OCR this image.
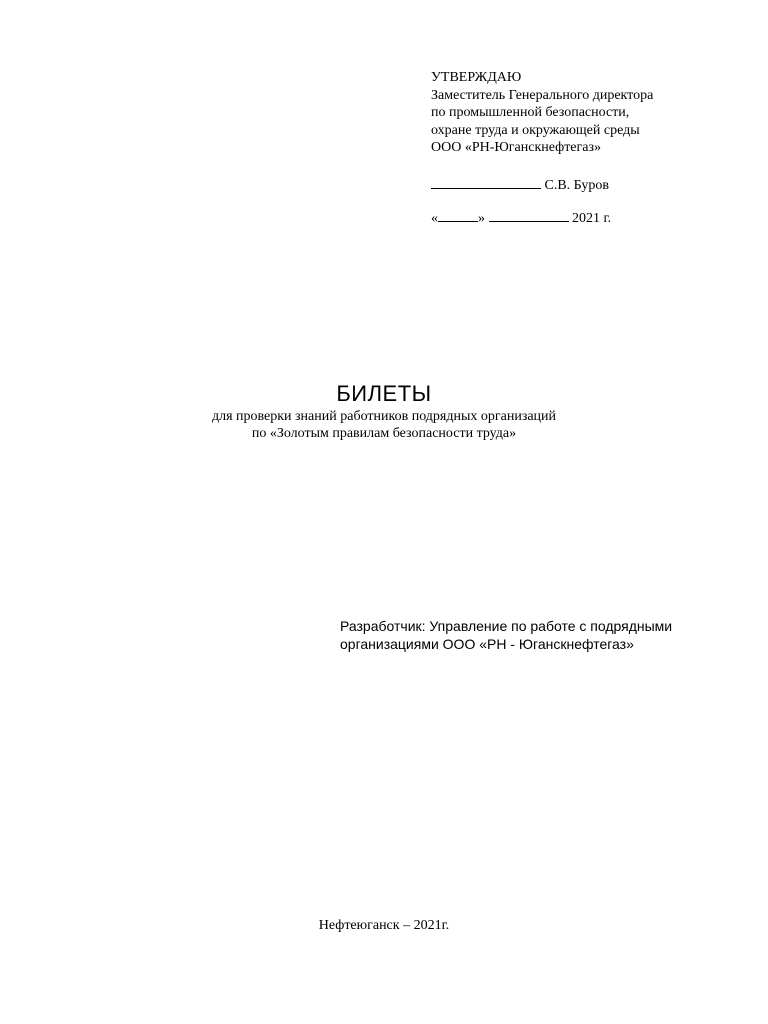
УТВЕРЖДАЮ
Заместитель Генерального директора
по промышленной безопасности,
охране труда и окружающей среды
ООО «РН-Юганскнефтегаз»
С.В. Буров
«	»	2021 г.
БИЛЕТЫ
для проверки знаний работников подрядных организаций
по «Золотым правилам безопасности труда»
Разработчик: Управление по работе с подрядными
организациями ООО «РН - Юганскнефтегаз»
Нефтеюганск – 2021г.
